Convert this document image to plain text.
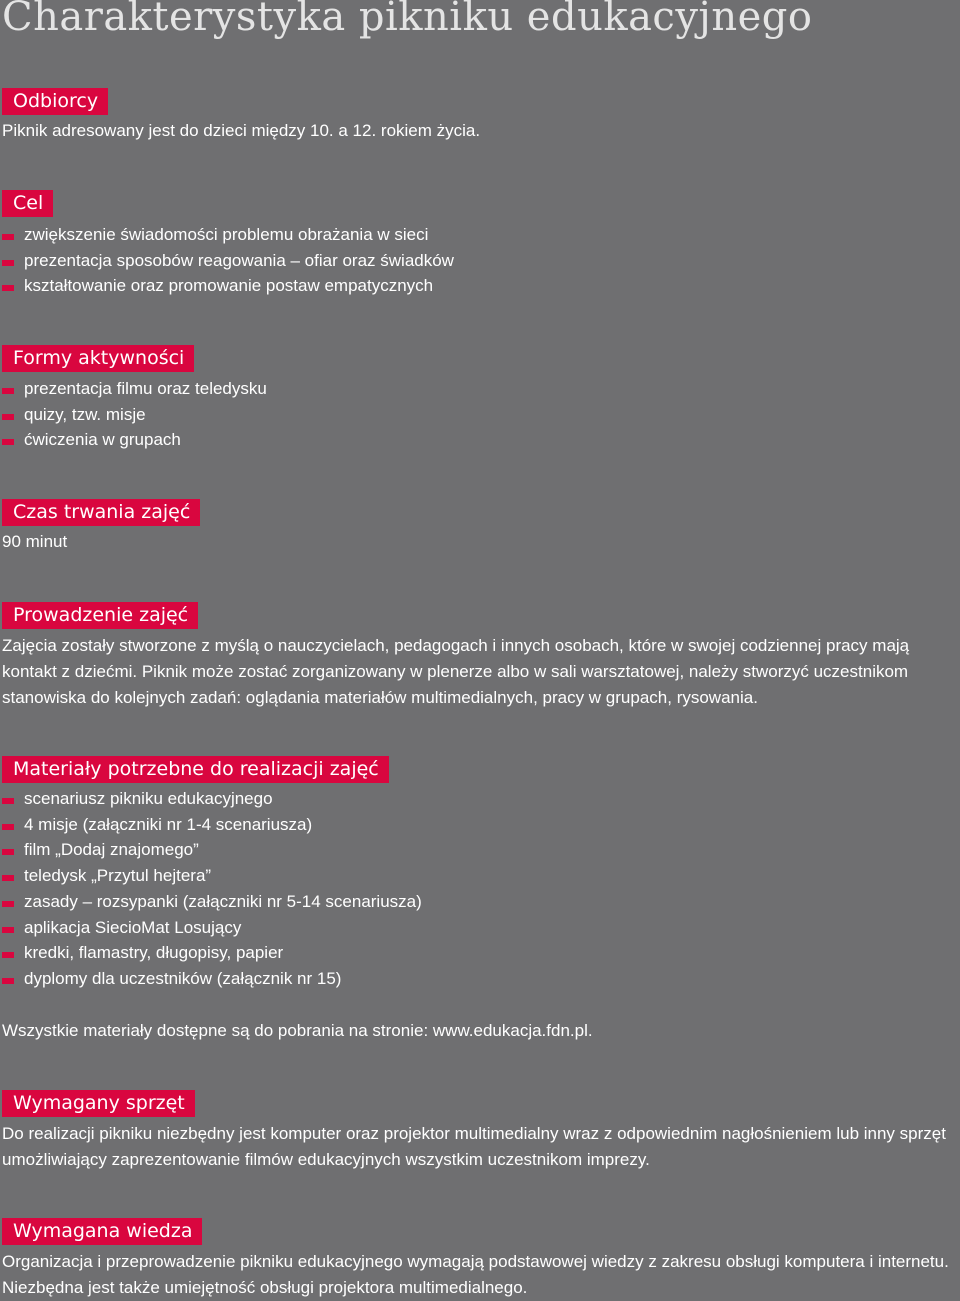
Charakterystyka pikniku edukacyjnego
Odbiorcy

Piknik adresowany jest do dzieci między 10. a 12. rokiem życia.

Cel
zwiększenie świadomości problemu obrażania w sieci
prezentacja sposobów reagowania – ofiar oraz świadków
kształtowanie oraz promowanie postaw empatycznych
Formy aktywności
prezentacja filmu oraz teledysku
quizy, tzw. misje
ćwiczenia w grupach
Czas trwania zajęć

90 minut

Prowadzenie zajęć

Zajęcia zostały stworzone z myślą o nauczycielach, pedagogach i innych osobach, które w swojej codziennej pracy mają kontakt z dziećmi. Piknik może zostać zorganizowany w plenerze albo w sali warsztatowej, należy stworzyć uczestnikom stanowiska do kolejnych zadań: oglądania materiałów multimedialnych, pracy w grupach, rysowania.

Materiały potrzebne do realizacji zajęć
scenariusz pikniku edukacyjnego
4 misje (załączniki nr 1-4 scenariusza)
film „Dodaj znajomego”
teledysk „Przytul hejtera”
zasady – rozsypanki (załączniki nr 5-14 scenariusza)
aplikacja SiecioMat Losujący
kredki, flamastry, długopisy, papier
dyplomy dla uczestników (załącznik nr 15)

Wszystkie materiały dostępne są do pobrania na stronie: www.edukacja.fdn.pl.

Wymagany sprzęt

Do realizacji pikniku niezbędny jest komputer oraz projektor multimedialny wraz z odpowiednim nagłośnieniem lub inny sprzęt umożliwiający zaprezentowanie filmów edukacyjnych wszystkim uczestnikom imprezy.

Wymagana wiedza

Organizacja i przeprowadzenie pikniku edukacyjnego wymagają podstawowej wiedzy z zakresu obsługi komputera i internetu. Niezbędna jest także umiejętność obsługi projektora multimedialnego.
